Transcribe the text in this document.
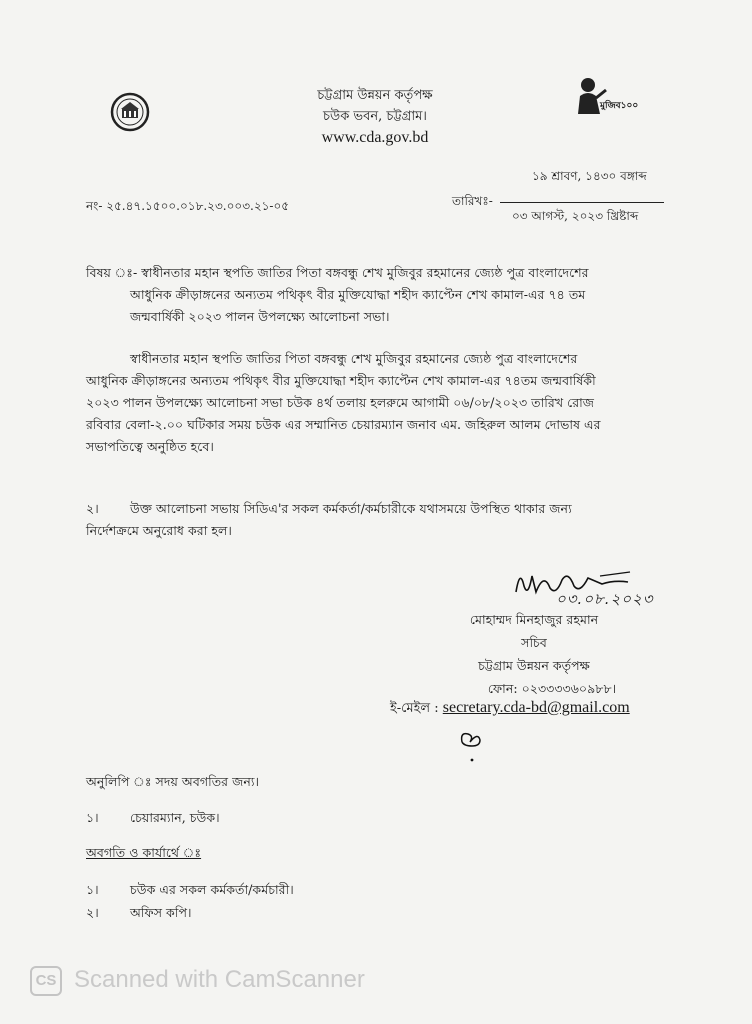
চট্টগ্রাম উন্নয়ন কর্তৃপক্ষ
চউক ভবন, চট্টগ্রাম।
www.cda.gov.bd
মুজিব১০০
১৯ শ্রাবণ, ১৪৩০ বঙ্গাব্দ
নং- ২৫.৪৭.১৫০০.০১৮.২৩.০০৩.২১-০৫	তারিখঃ-
০৩ আগস্ট, ২০২৩ খ্রিষ্টাব্দ
বিষয় ঃ- স্বাধীনতার মহান স্থপতি জাতির পিতা বঙ্গবন্ধু শেখ মুজিবুর রহমানের জ্যেষ্ঠ পুত্র বাংলাদেশের
আধুনিক ক্রীড়াঙ্গনের অন্যতম পথিকৃৎ বীর মুক্তিযোদ্ধা শহীদ ক্যাপ্টেন শেখ কামাল-এর ৭৪ তম
জন্মবার্ষিকী ২০২৩ পালন উপলক্ষ্যে আলোচনা সভা।
স্বাধীনতার মহান স্থপতি জাতির পিতা বঙ্গবন্ধু শেখ মুজিবুর রহমানের জ্যেষ্ঠ পুত্র বাংলাদেশের
আধুনিক ক্রীড়াঙ্গনের অন্যতম পথিকৃৎ বীর মুক্তিযোদ্ধা শহীদ ক্যাপ্টেন শেখ কামাল-এর ৭৪তম জন্মবার্ষিকী
২০২৩ পালন উপলক্ষ্যে আলোচনা সভা চউক ৪র্থ তলায় হলরুমে আগামী ০৬/০৮/২০২৩ তারিখ রোজ
রবিবার বেলা-২.০০ ঘটিকার সময় চউক এর সম্মানিত চেয়ারম্যান জনাব এম. জহিরুল আলম দোভাষ এর
সভাপতিত্বে অনুষ্ঠিত হবে।
২। উক্ত আলোচনা সভায় সিডিএ'র সকল কর্মকর্তা/কর্মচারীকে যথাসময়ে উপস্থিত থাকার জন্য
নির্দেশক্রমে অনুরোধ করা হল।
০৩.০৮.২০২৩
মোহাম্মদ মিনহাজুর রহমান
সচিব
চট্টগ্রাম উন্নয়ন কর্তৃপক্ষ
ফোন: ০২৩৩৩৩৬০৯৮৮।
ই-মেইল : secretary.cda-bd@gmail.com
অনুলিপি ঃ সদয় অবগতির জন্য।
১। চেয়ারম্যান, চউক।
অবগতি ও কার্যার্থে ঃ
১। চউক এর সকল কর্মকর্তা/কর্মচারী।
২। অফিস কপি।
CS Scanned with CamScanner
